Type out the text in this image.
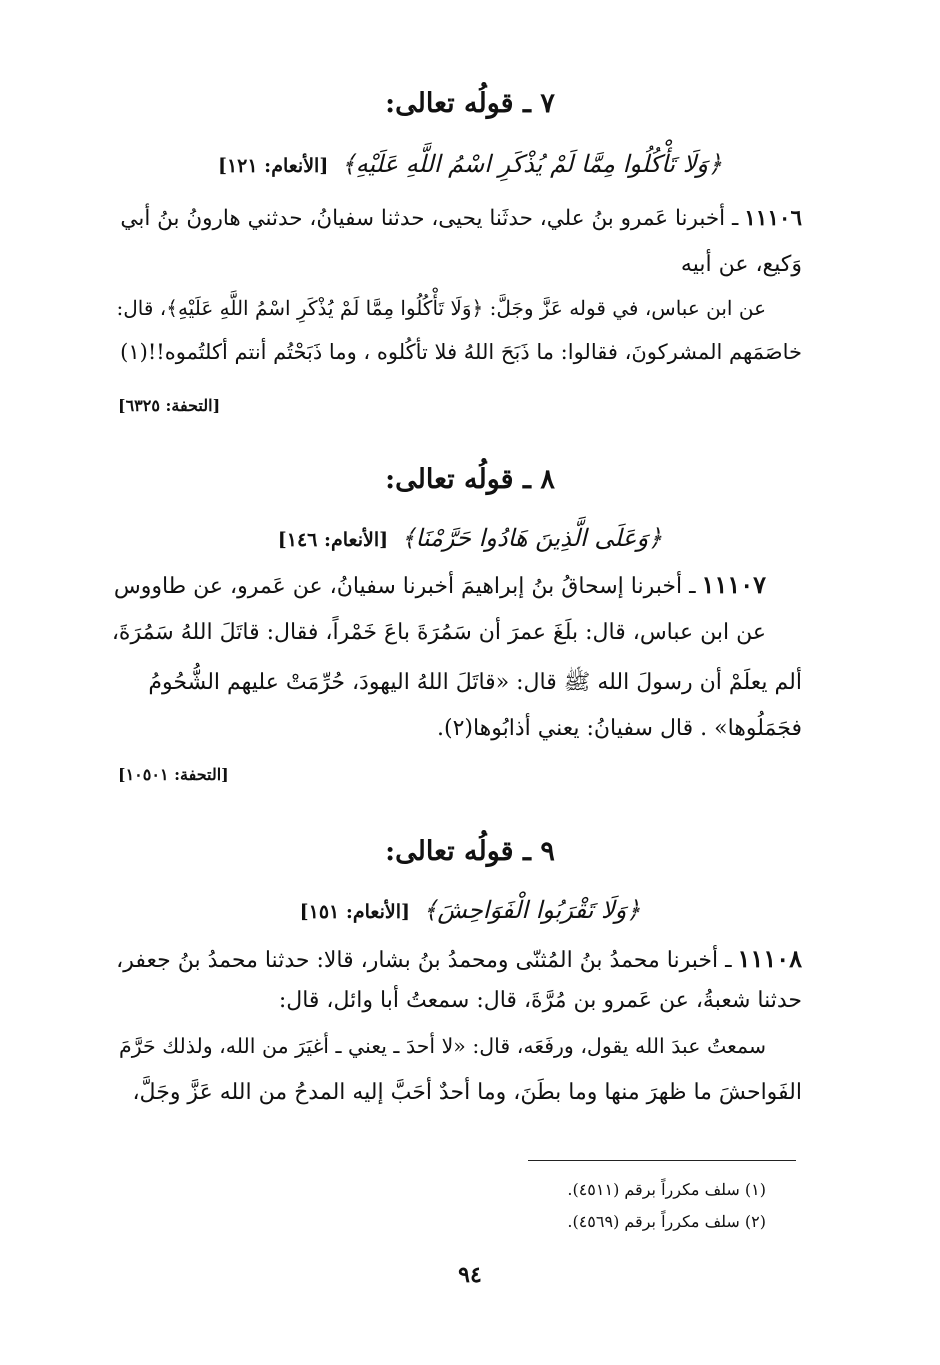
٧ ـ قولُه تعالى:
﴿وَلَا تَأْكُلُوا مِمَّا لَمْ يُذْكَرِ اسْمُ اللَّهِ عَلَيْهِ﴾ [الأنعام: ١٢١]
١١١٠٦ـ أخبرنا عَمرو بنُ علي، حدثَنا يحيى، حدثنا سفيانُ، حدثني هارونُ بنُ أبي
وَكيع، عن أبيه
عن ابن عباس، في قوله عَزَّ وجَلَّ: ﴿وَلَا تَأْكُلُوا مِمَّا لَمْ يُذْكَرِ اسْمُ اللَّهِ عَلَيْهِ﴾، قال:
خاصَمَهم المشركونَ، فقالوا: ما ذَبَحَ اللهُ فلا تأكُلوه ، وما ذَبَحْتُم أنتم أكلتُموه!!(١)
[التحفة: ٦٣٢٥]
٨ ـ قولُه تعالى:
﴿وَعَلَى الَّذِينَ هَادُوا حَرَّمْنَا﴾ [الأنعام: ١٤٦]
١١١٠٧ـ أخبرنا إسحاقُ بنُ إبراهيمَ أخبرنا سفيانُ، عن عَمرو، عن طاووس
عن ابن عباس، قال: بلَغَ عمرَ أن سَمُرَةَ باعَ خَمْراً، فقال: قاتَلَ اللهُ سَمُرَةَ،
ألم يعلَمْ أن رسولَ الله ﷺ قال: «قاتَلَ اللهُ اليهودَ، حُرِّمَتْ عليهم الشُّحُومُ
فجَمَلُوها» . قال سفيانُ: يعني أذابُوها(٢).
[التحفة: ١٠٥٠١]
٩ ـ قولُه تعالى:
﴿وَلَا تَقْرَبُوا الْفَوَاحِشَ﴾ [الأنعام: ١٥١]
١١١٠٨ـ أخبرنا محمدُ بنُ المُثنّى ومحمدُ بنُ بشار، قالا: حدثنا محمدُ بنُ جعفر،
حدثنا شعبةُ، عن عَمرو بن مُرَّةَ، قال: سمعتُ أبا وائل، قال:
سمعتُ عبدَ الله يقول، ورفَعَه، قال: «لا أحدَ ـ يعني ـ أغيَرَ من الله، ولذلك حَرَّمَ
الفَواحشَ ما ظهرَ منها وما بطَنَ، وما أحدٌ أحَبَّ إليه المدحُ من الله عَزَّ وجَلَّ،
(١) سلف مكرراً برقم (٤٥١١).
(٢) سلف مكرراً برقم (٤٥٦٩).
٩٤
